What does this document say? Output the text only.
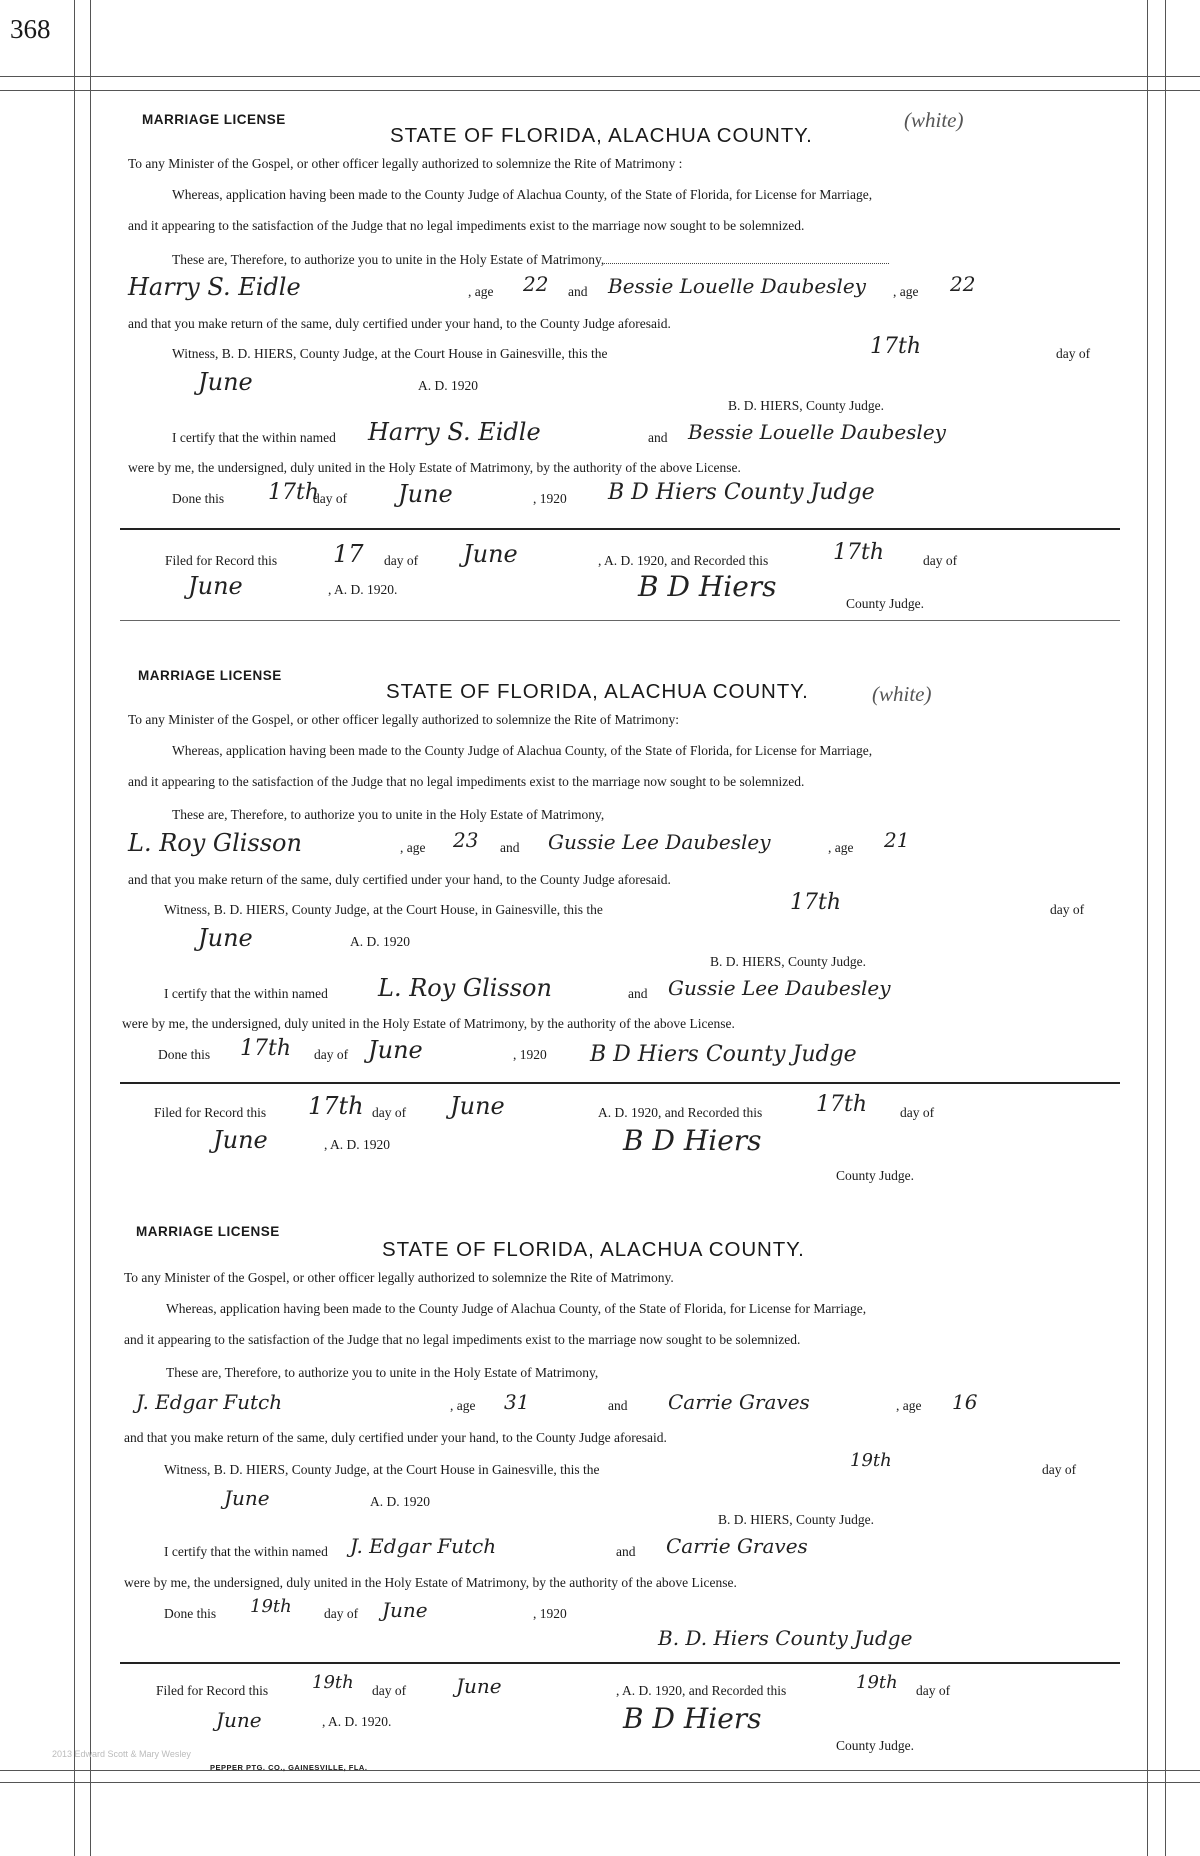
368
MARRIAGE LICENSE
STATE OF FLORIDA, ALACHUA COUNTY.
(white)
To any Minister of the Gospel, or other officer legally authorized to solemnize the Rite of Matrimony :
Whereas, application having been made to the County Judge of Alachua County, of the State of Florida, for License for Marriage,
and it appearing to the satisfaction of the Judge that no legal impediments exist to the marriage now sought to be solemnized.
These are, Therefore, to authorize you to unite in the Holy Estate of Matrimony,
Harry S. Eidle	, age 22 and Bessie Louelle Daubesley , age 22
and that you make return of the same, duly certified under your hand, to the County Judge aforesaid.
Witness, B. D. HIERS, County Judge, at the Court House in Gainesville, this the	17th	day of
June	A. D. 1920
B. D. HIERS, County Judge.
I certify that the within named Harry S. Eidle	and Bessie Louelle Daubesley
were by me, the undersigned, duly united in the Holy Estate of Matrimony, by the authority of the above License.
Done this 17th
day of June	, 1920 B D Hiers County Judge
Filed for Record this 17 day of June	, A. D. 1920, and Recorded this	17th	day of
June	, A. D. 1920.	B D Hiers
County Judge.
MARRIAGE LICENSE
STATE OF FLORIDA, ALACHUA COUNTY.	(white)
To any Minister of the Gospel, or other officer legally authorized to solemnize the Rite of Matrimony:
Whereas, application having been made to the County Judge of Alachua County, of the State of Florida, for License for Marriage,
and it appearing to the satisfaction of the Judge that no legal impediments exist to the marriage now sought to be solemnized.
These are, Therefore, to authorize you to unite in the Holy Estate of Matrimony,
L. Roy Glisson	, age 23 and Gussie Lee Daubesley	, age 21
and that you make return of the same, duly certified under your hand, to the County Judge aforesaid.
Witness, B. D. HIERS, County Judge, at the Court House, in Gainesville, this the	17th	day of
June	A. D. 1920
B. D. HIERS, County Judge.
I certify that the within named L. Roy Glisson	and Gussie Lee Daubesley
were by me, the undersigned, duly united in the Holy Estate of Matrimony, by the authority of the above License.
Done this 17th day of June	, 1920 B D Hiers County Judge
Filed for Record this 17th day of June	A. D. 1920, and Recorded this 17th day of
June	, A. D. 1920	B D Hiers
County Judge.
MARRIAGE LICENSE
STATE OF FLORIDA, ALACHUA COUNTY.
To any Minister of the Gospel, or other officer legally authorized to solemnize the Rite of Matrimony.
Whereas, application having been made to the County Judge of Alachua County, of the State of Florida, for License for Marriage,
and it appearing to the satisfaction of the Judge that no legal impediments exist to the marriage now sought to be solemnized.
These are, Therefore, to authorize you to unite in the Holy Estate of Matrimony,
J. Edgar Futch	, age 31	and Carrie Graves	, age 16
and that you make return of the same, duly certified under your hand, to the County Judge aforesaid.
Witness, B. D. HIERS, County Judge, at the Court House in Gainesville, this the	19th	day of
June	A. D. 1920
B. D. HIERS, County Judge.
I certify that the within named J. Edgar Futch	and Carrie Graves
were by me, the undersigned, duly united in the Holy Estate of Matrimony, by the authority of the above License.
Done this 19th day of June	, 1920
B. D. Hiers County Judge
Filed for Record this 19th day of June	, A. D. 1920, and Recorded this	19th day of
June	, A. D. 1920.	B D Hiers
County Judge.
2013 Edward Scott & Mary Wesley
PEPPER PTG. CO., GAINESVILLE, FLA.
